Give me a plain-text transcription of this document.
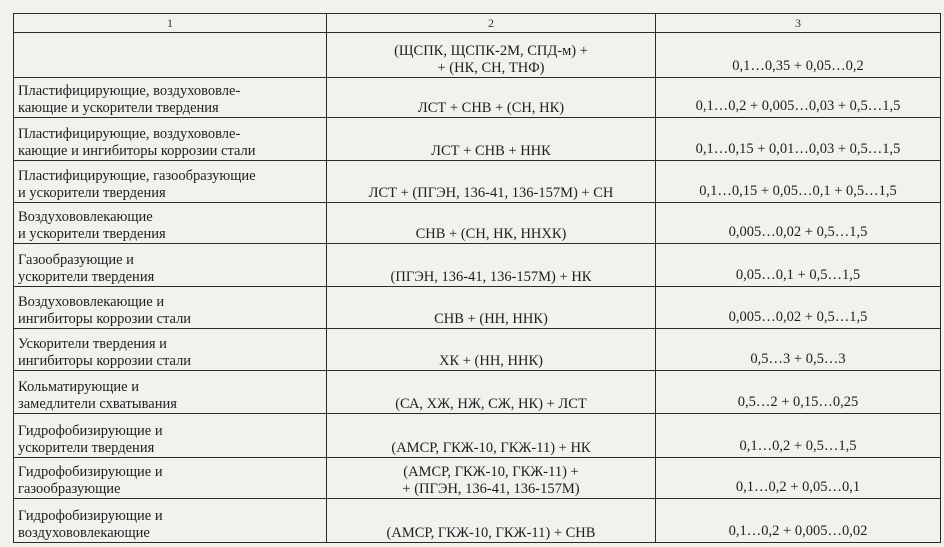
1	2	3

	(ЩСПК, ЩСПК-2М, СПД-м) +
+ (НК, СН, ТНФ)	0,1…0,35 + 0,05…0,2

Пластифицирующие, воздухововле-
кающие и ускорители твердения	ЛСТ + СНВ + (СН, НК)	0,1…0,2 + 0,005…0,03 + 0,5…1,5

Пластифицирующие, воздухововле-
кающие и ингибиторы коррозии стали	ЛСТ + СНВ + ННК	0,1…0,15 + 0,01…0,03 + 0,5…1,5

Пластифицирующие, газообразующие
и ускорители твердения	ЛСТ + (ПГЭН, 136-41, 136-157М) + СН	0,1…0,15 + 0,05…0,1 + 0,5…1,5

Воздухововлекающие
и ускорители твердения	СНВ + (СН, НК, ННХК)	0,005…0,02 + 0,5…1,5

Газообразующие и
ускорители твердения	(ПГЭН, 136-41, 136-157М) + НК	0,05…0,1 + 0,5…1,5

Воздухововлекающие и
ингибиторы коррозии стали	СНВ + (НН, ННК)	0,005…0,02 + 0,5…1,5

Ускорители твердения и
ингибиторы коррозии стали	ХК + (НН, ННК)	0,5…3 + 0,5…3

Кольматирующие и
замедлители схватывания	(СА, ХЖ, НЖ, СЖ, НК) + ЛСТ	0,5…2 + 0,15…0,25

Гидрофобизирующие и
ускорители твердения	(АМСР, ГКЖ-10, ГКЖ-11) + НК	0,1…0,2 + 0,5…1,5

Гидрофобизирующие и
газообразующие	(АМСР, ГКЖ-10, ГКЖ-11) +
+ (ПГЭН, 136-41, 136-157М)	0,1…0,2 + 0,05…0,1

Гидрофобизирующие и
воздухововлекающие	(АМСР, ГКЖ-10, ГКЖ-11) + СНВ	0,1…0,2 + 0,005…0,02
